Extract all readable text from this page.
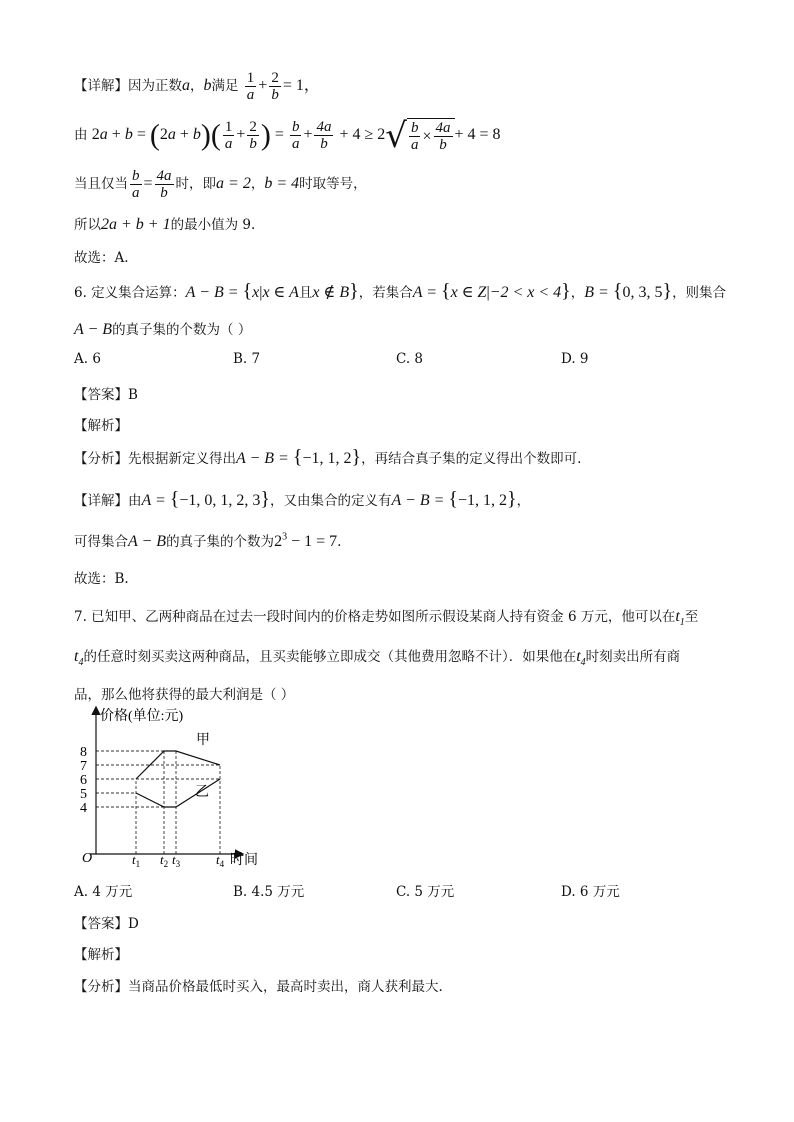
【详解】因为正数a，b满足 $\frac{1}{a} + \frac{2}{b} = 1$，
由 $2a + b = (2a + b)( \frac{1}{a} + \frac{2}{b}$ ) = $\frac{b}{a} + \frac{4a}{b} + 4 \ge 2$ √ $\frac{b}{a} \times \frac{4a}{b} + 4 = 8$
当且仅当 $\frac{b}{a} = \frac{4a}{b}$ 时，即a = 2，b = 4时取等号，
所以2a + b + 1的最小值为 9.
故选：A.
6. 定义集合运算：A − B = {x|x ∈ A且x ∉ B}，若集合A = {x ∈ Z|−2 < x < 4}，B = {0, 3, 5}，则集合
A − B的真子集的个数为（ ）
A. 6	B. 7	C. 8	D. 9
【答案】B
【解析】
【分析】先根据新定义得出A − B = {−1, 1, 2}，再结合真子集的定义得出个数即可.
【详解】由A = {−1, 0, 1, 2, 3}，又由集合的定义有A − B = {−1, 1, 2}，
可得集合A − B的真子集的个数为$2^3 - 1 = 7$.
故选：B.
7. 已知甲、乙两种商品在过去一段时间内的价格走势如图所示假设某商人持有资金 6 万元，他可以在$t_1$至
$t_4$的任意时刻买卖这两种商品，且买卖能够立即成交（其他费用忽略不计）．如果他在$t_4$时刻卖出所有商
品，那么他将获得的最大利润是（ ）
价格(单位:元)
时间
O
4
5
6
7
8
$t_1$ $t_2$ $t_3$	$t_4$
甲
乙
A. 4 万元	B. 4.5 万元	C. 5 万元	D. 6 万元
【答案】D
【解析】
【分析】当商品价格最低时买入，最高时卖出，商人获利最大.
